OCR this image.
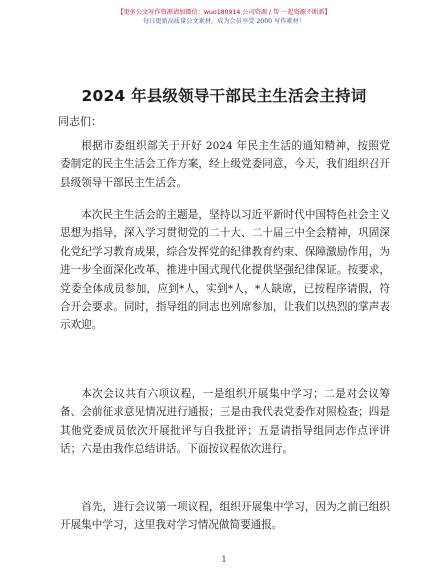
【更多公文写作资源请加微信：wuo180914 公司资源 / 帮 一起资源不断新】
每日更新高质量公文素材，成为会员享受 2000 写作素材！
2024 年县级领导干部民主生活会主持词
同志们：

根据市委组织部关于开好 2024 年民主生活的通知精神，按照党委制定的民主生活会工作方案，经上级党委同意，今天，我们组织召开县级领导干部民主生活会。

本次民主生活会的主题是，坚持以习近平新时代中国特色社会主义思想为指导，深入学习贯彻党的二十大、二十届三中全会精神，巩固深化党纪学习教育成果，综合发挥党的纪律教育约束、保障激励作用，为进一步全面深化改革、推进中国式现代化提供坚强纪律保证。按要求，党委全体成员参加，应到*人，实到*人，*人缺席，已按程序请假，符合开会要求。同时，指导组的同志也列席参加，让我们以热烈的掌声表示欢迎。

本次会议共有六项议程，一是组织开展集中学习；二是对会议筹备、会前征求意见情况进行通报；三是由我代表党委作对照检查；四是其他党委成员依次开展批评与自我批评；五是请指导组同志作点评讲话；六是由我作总结讲话。下面按议程依次进行。

首先，进行会议第一项议程，组织开展集中学习，因为之前已组织开展集中学习，这里我对学习情况做简要通报。

1
